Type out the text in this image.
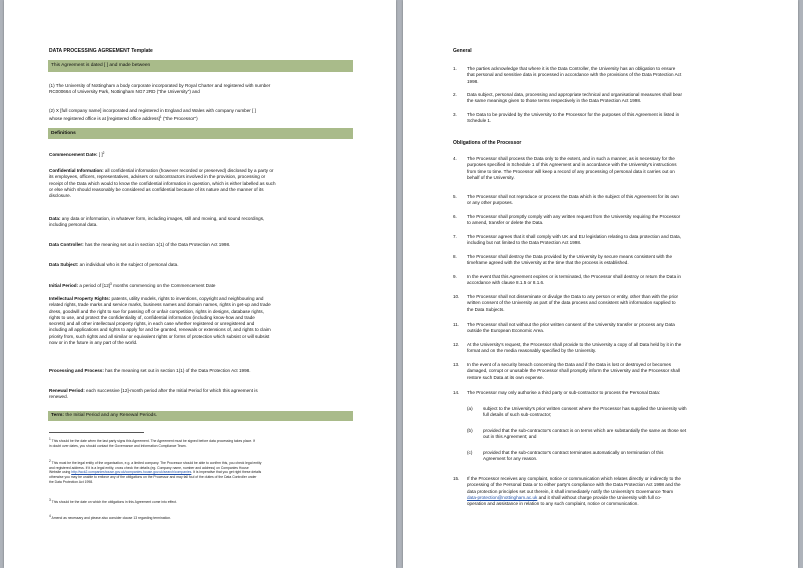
DATA PROCESSING AGREEMENT Template
This Agreement is dated [ ] and made between

(1) The University of Nottingham a body corporate incorporated by Royal Charter and registered with number
RC000664 of University Park, Nottingham NG7 2RD ("the University") and

(2) X [full company name] incorporated and registered in England and Wales with company number [ ]
whose registered office is at [registered office address]$^1$ ("the Processor")

Definitions

Commencement Date: [ ]$^2$

Confidential Information: all confidential information (however recorded or preserved) disclosed by a party or
its employees, officers, representatives, advisers or subcontractors involved in the provision, processing or
receipt of the Data which would to know the confidential information in question, which is either labelled as such
or else which should reasonably be considered as confidential because of its nature and the manner of its
disclosure.

Data: any data or information, in whatever form, including images, still and moving, and sound recordings,
including personal data.

Data Controller: has the meaning set out in section 1(1) of the Data Protection Act 1998.

Data Subject: an individual who is the subject of personal data.

Initial Period: a period of $[12]^3$ months commencing on the Commencement Date

Intellectual Property Rights: patents, utility models, rights to inventions, copyright and neighbouring and
related rights, trade marks and service marks, business names and domain names, rights in get-up and trade
dress, goodwill and the right to sue for passing off or unfair competition, rights in designs, database rights,
rights to use, and protect the confidentiality of, confidential information (including know-how and trade
secrets) and all other intellectual property rights, in each case whether registered or unregistered and
including all applications and rights to apply for and be granted, renewals or extensions of, and rights to claim
priority from, such rights and all similar or equivalent rights or forms of protection which subsist or will subsist
now or in the future in any part of the world.

Processing and Process: has the meaning set out in section 1(1) of the Data Protection Act 1998.

Renewal Period: each successive [12]-month period after the Initial Period for which this agreement is
renewed.

Term: the Initial Period and any Renewal Periods.
1 This should be the date when the last party signs this Agreement. The Agreement must be signed before data processing takes place. If
in doubt over dates, you should contact the Governance and Information Compliance Team.
2 This must be the legal entity of the organisation, e.g. a limited company. The Processor should be able to confirm this, you check legal entity
and registered address. If it is a legal entity, cross check the details (eg. Company name, number and address) on Companies House
Website using http://wck2.companieshouse.gov.uk/companies.house.gov.uk/search/companies. It is imperative that you get right these details
otherwise you may be unable to enforce any of the obligations on the Processor and may fall foul of the duties of the Data Controller under
the Data Protection Act 1998.
3 This should be the date on which the obligations in this Agreement come into effect.
4 Amend as necessary and please also consider clause 13 regarding termination.
General
1. The parties acknowledge that where it is the Data Controller, the University has an obligation to ensure
that personal and sensitive data is processed in accordance with the provisions of the Data Protection Act
1998.

2. Data subject, personal data, processing and appropriate technical and organisational measures shall bear
the same meanings given to those terms respectively in the Data Protection Act 1998.

3. The Data to be provided by the University to the Processor for the purposes of this Agreement is listed in
Schedule 1.

Obligations of the Processor
4. The Processor shall process the Data only to the extent, and in such a manner, as is necessary for the
purposes specified in Schedule 1 of this Agreement and in accordance with the University's instructions
from time to time. The Processor will keep a record of any processing of personal data it carries out on
behalf of the University.

5. The Processor shall not reproduce or process the Data which is the subject of this Agreement for its own
or any other purposes.

6. The Processor shall promptly comply with any written request from the University requiring the Processor
to amend, transfer or delete the Data.

7. The Processor agrees that it shall comply with UK and EU legislation relating to data protection and Data,
including but not limited to the Data Protection Act 1998.

8. The Processor shall destroy the Data provided by the University by secure means consistent with the
timeframe agreed with the University at the time that the process is established.

9. In the event that this Agreement expires or is terminated, the Processor shall destroy or return the Data in
accordance with clause 8.1.5 or 8.1.6.

10. The Processor shall not disseminate or divulge the Data to any person or entity, other than with the prior
written consent of the University as part of the data process and consistent with information supplied to
the Data Subjects.

11. The Processor shall not without the prior written consent of the University transfer or process any Data
outside the European Economic Area.

12. At the University's request, the Processor shall provide to the University a copy of all Data held by it in the
format and on the media reasonably specified by the University.

13. In the event of a security breach concerning the Data and if the Data is lost or destroyed or becomes
damaged, corrupt or unusable the Processor shall promptly inform the University and the Processor shall
restore such Data at its own expense.

14. The Processor may only authorise a third party or sub-contractor to process the Personal Data:

(a) subject to the University's prior written consent where the Processor has supplied the University with
full details of such sub-contractor;

(b) provided that the sub-contractor's contract is on terms which are substantially the same as those set
out in this Agreement; and

(c) provided that the sub-contractor's contract terminates automatically on termination of this
Agreement for any reason.

15. If the Processor receives any complaint, notice or communication which relates directly or indirectly to the
processing of the Personal Data or to either party's compliance with the Data Protection Act 1998 and the
data protection principles set out therein, it shall immediately notify the University's Governance Team
data-protection@nottingham.ac.uk and it shall without charge provide the University with full co-
operation and assistance in relation to any such complaint, notice or communication.
